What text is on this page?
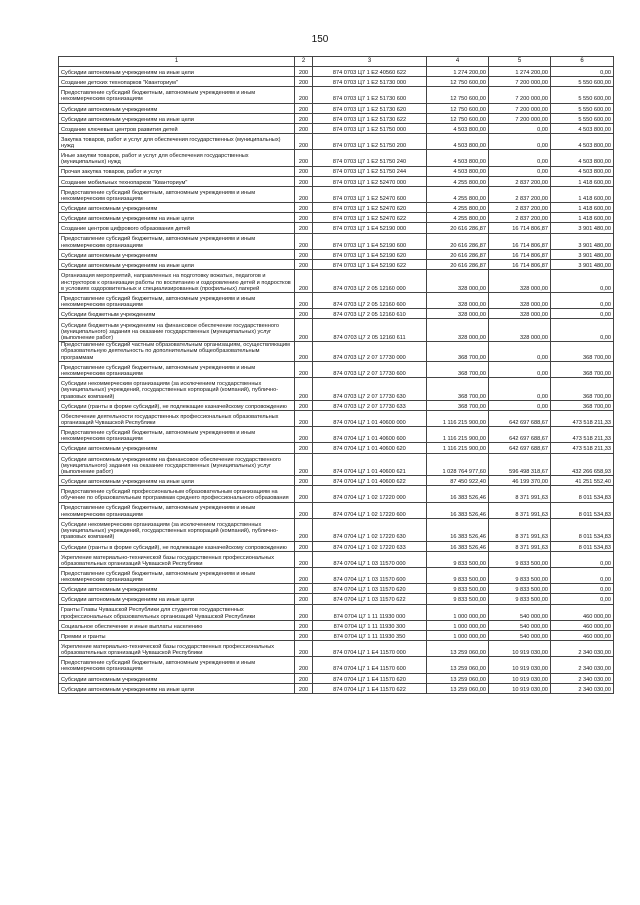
150
1	2	3	4	5	6
Субсидии автономным учреждениям на иные цели	200	874 0703 Ц7 1 E2 40560 622	1 274 200,00	1 274 200,00	0,00
Создание детских технопарков "Кванториум"	200	874 0703 Ц7 1 E2 51730 000	12 750 600,00	7 200 000,00	5 550 600,00
Предоставление субсидий бюджетным, автономным учреждениям и иным некоммерческим организациям	200	874 0703 Ц7 1 E2 51730 600	12 750 600,00	7 200 000,00	5 550 600,00
Субсидии автономным учреждениям	200	874 0703 Ц7 1 E2 51730 620	12 750 600,00	7 200 000,00	5 550 600,00
Субсидии автономным учреждениям на иные цели	200	874 0703 Ц7 1 E2 51730 622	12 750 600,00	7 200 000,00	5 550 600,00
Создание ключевых центров развития детей	200	874 0703 Ц7 1 E2 51750 000	4 503 800,00	0,00	4 503 800,00
Закупка товаров, работ и услуг для обеспечения государственных (муниципальных) нужд	200	874 0703 Ц7 1 E2 51750 200	4 503 800,00	0,00	4 503 800,00
Иные закупки товаров, работ и услуг для обеспечения государственных (муниципальных) нужд	200	874 0703 Ц7 1 E2 51750 240	4 503 800,00	0,00	4 503 800,00
Прочая закупка товаров, работ и услуг	200	874 0703 Ц7 1 E2 51750 244	4 503 800,00	0,00	4 503 800,00
Создание мобильных технопарков "Кванториум"	200	874 0703 Ц7 1 E2 52470 000	4 255 800,00	2 837 200,00	1 418 600,00
Предоставление субсидий бюджетным, автономным учреждениям и иным некоммерческим организациям	200	874 0703 Ц7 1 E2 52470 600	4 255 800,00	2 837 200,00	1 418 600,00
Субсидии автономным учреждениям	200	874 0703 Ц7 1 E2 52470 620	4 255 800,00	2 837 200,00	1 418 600,00
Субсидии автономным учреждениям на иные цели	200	874 0703 Ц7 1 E2 52470 622	4 255 800,00	2 837 200,00	1 418 600,00
Создание центров цифрового образования детей	200	874 0703 Ц7 1 E4 52190 000	20 616 286,87	16 714 806,87	3 901 480,00
Предоставление субсидий бюджетным, автономным учреждениям и иным некоммерческим организациям	200	874 0703 Ц7 1 E4 52190 600	20 616 286,87	16 714 806,87	3 901 480,00
Субсидии автономным учреждениям	200	874 0703 Ц7 1 E4 52190 620	20 616 286,87	16 714 806,87	3 901 480,00
Субсидии автономным учреждениям на иные цели	200	874 0703 Ц7 1 E4 52190 622	20 616 286,87	16 714 806,87	3 901 480,00
Организация мероприятий, направленных на подготовку вожатых, педагогов и инструкторов к организации работы по воспитанию и оздоровлению детей и подростков в условиях оздоровительных и специализированных (профильных) лагерей	200	874 0703 Ц7 2 05 12160 000	328 000,00	328 000,00	0,00
Предоставление субсидий бюджетным, автономным учреждениям и иным некоммерческим организациям	200	874 0703 Ц7 2 05 12160 600	328 000,00	328 000,00	0,00
Субсидии бюджетным учреждениям	200	874 0703 Ц7 2 05 12160 610	328 000,00	328 000,00	0,00
Субсидии бюджетным учреждениям на финансовое обеспечение государственного (муниципального) задания на оказание государственных (муниципальных) услуг (выполнение работ)	200	874 0703 Ц7 2 05 12160 611	328 000,00	328 000,00	0,00
Предоставление субсидий частным образовательным организациям, осуществляющим образовательную деятельность по дополнительным общеобразовательным программам	200	874 0703 Ц7 2 07 17730 000	368 700,00	0,00	368 700,00
Предоставление субсидий бюджетным, автономным учреждениям и иным некоммерческим организациям	200	874 0703 Ц7 2 07 17730 600	368 700,00	0,00	368 700,00
Субсидии некоммерческим организациям (за исключением государственных (муниципальных) учреждений, государственных корпораций (компаний), публично-правовых компаний)	200	874 0703 Ц7 2 07 17730 630	368 700,00	0,00	368 700,00
Субсидии (гранты в форме субсидий), не подлежащие казначейскому сопровождению	200	874 0703 Ц7 2 07 17730 633	368 700,00	0,00	368 700,00
Обеспечение деятельности государственных профессиональных образовательных организаций Чувашской Республики	200	874 0704 Ц7 1 01 40600 000	1 116 215 900,00	642 697 688,67	473 518 211,33
Предоставление субсидий бюджетным, автономным учреждениям и иным некоммерческим организациям	200	874 0704 Ц7 1 01 40600 600	1 116 215 900,00	642 697 688,67	473 518 211,33
Субсидии автономным учреждениям	200	874 0704 Ц7 1 01 40600 620	1 116 215 900,00	642 697 688,67	473 518 211,33
Субсидии автономным учреждениям на финансовое обеспечение государственного (муниципального) задания на оказание государственных (муниципальных) услуг (выполнение работ)	200	874 0704 Ц7 1 01 40600 621	1 028 764 977,60	596 498 318,67	432 266 658,93
Субсидии автономным учреждениям на иные цели	200	874 0704 Ц7 1 01 40600 622	87 450 922,40	46 199 370,00	41 251 552,40
Предоставление субсидий профессиональным образовательным организациям на обучение по образовательным программам среднего профессионального образования	200	874 0704 Ц7 1 02 17220 000	16 383 526,46	8 371 991,63	8 011 534,83
Предоставление субсидий бюджетным, автономным учреждениям и иным некоммерческим организациям	200	874 0704 Ц7 1 02 17220 600	16 383 526,46	8 371 991,63	8 011 534,83
Субсидии некоммерческим организациям (за исключением государственных (муниципальных) учреждений, государственных корпораций (компаний), публично-правовых компаний)	200	874 0704 Ц7 1 02 17220 630	16 383 526,46	8 371 991,63	8 011 534,83
Субсидии (гранты в форме субсидий), не подлежащие казначейскому сопровождению	200	874 0704 Ц7 1 02 17220 633	16 383 526,46	8 371 991,63	8 011 534,83
Укрепление материально-технической базы государственных профессиональных образовательных организаций Чувашской Республики	200	874 0704 Ц7 1 03 11570 000	9 833 500,00	9 833 500,00	0,00
Предоставление субсидий бюджетным, автономным учреждениям и иным некоммерческим организациям	200	874 0704 Ц7 1 03 11570 600	9 833 500,00	9 833 500,00	0,00
Субсидии автономным учреждениям	200	874 0704 Ц7 1 03 11570 620	9 833 500,00	9 833 500,00	0,00
Субсидии автономным учреждениям на иные цели	200	874 0704 Ц7 1 03 11570 622	9 833 500,00	9 833 500,00	0,00
Гранты Главы Чувашской Республики для студентов государственных профессиональных образовательных организаций Чувашской Республики	200	874 0704 Ц7 1 11 11930 000	1 000 000,00	540 000,00	460 000,00
Социальное обеспечение и иные выплаты населению	200	874 0704 Ц7 1 11 11930 300	1 000 000,00	540 000,00	460 000,00
Премии и гранты	200	874 0704 Ц7 1 11 11930 350	1 000 000,00	540 000,00	460 000,00
Укрепление материально-технической базы государственных профессиональных образовательных организаций Чувашской Республики	200	874 0704 Ц7 1 E4 11570 000	13 259 060,00	10 919 030,00	2 340 030,00
Предоставление субсидий бюджетным, автономным учреждениям и иным некоммерческим организациям	200	874 0704 Ц7 1 E4 11570 600	13 259 060,00	10 919 030,00	2 340 030,00
Субсидии автономным учреждениям	200	874 0704 Ц7 1 E4 11570 620	13 259 060,00	10 919 030,00	2 340 030,00
Субсидии автономным учреждениям на иные цели	200	874 0704 Ц7 1 E4 11570 622	13 259 060,00	10 919 030,00	2 340 030,00
